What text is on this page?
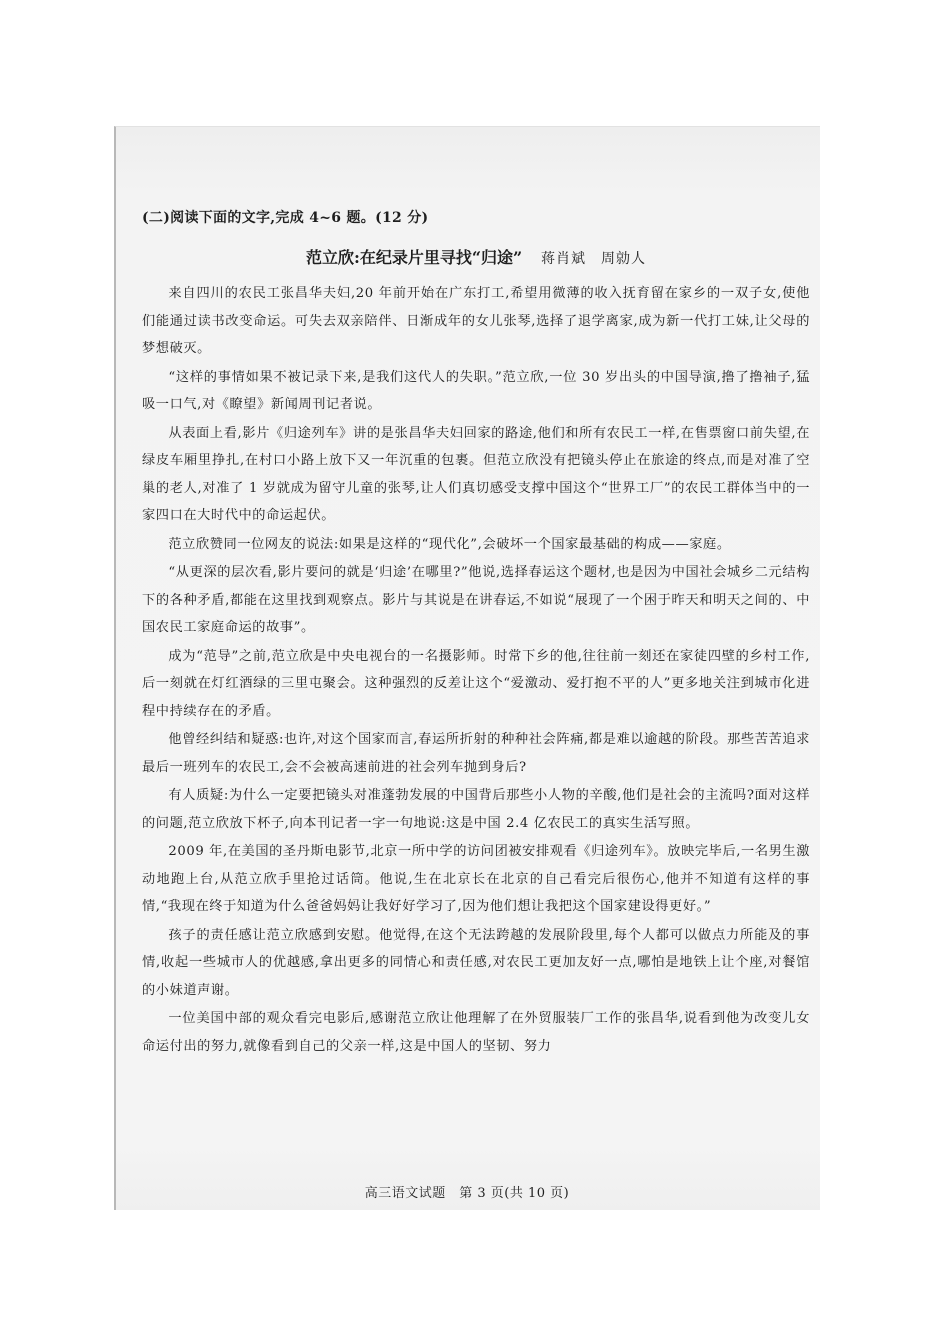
(二)阅读下面的文字,完成 4~6 题。(12 分)
范立欣:在纪录片里寻找“归途” 蒋肖斌　周勍人

来自四川的农民工张昌华夫妇,20 年前开始在广东打工,希望用微薄的收入抚育留在家乡的一双子女,使他们能通过读书改变命运。可失去双亲陪伴、日渐成年的女儿张琴,选择了退学离家,成为新一代打工妹,让父母的梦想破灭。

“这样的事情如果不被记录下来,是我们这代人的失职。”范立欣,一位 30 岁出头的中国导演,撸了撸袖子,猛吸一口气,对《瞭望》新闻周刊记者说。

从表面上看,影片《归途列车》讲的是张昌华夫妇回家的路途,他们和所有农民工一样,在售票窗口前失望,在绿皮车厢里挣扎,在村口小路上放下又一年沉重的包裹。但范立欣没有把镜头停止在旅途的终点,而是对准了空巢的老人,对准了 1 岁就成为留守儿童的张琴,让人们真切感受支撑中国这个“世界工厂”的农民工群体当中的一家四口在大时代中的命运起伏。

范立欣赞同一位网友的说法:如果是这样的“现代化”,会破坏一个国家最基础的构成——家庭。

“从更深的层次看,影片要问的就是‘归途’在哪里?”他说,选择春运这个题材,也是因为中国社会城乡二元结构下的各种矛盾,都能在这里找到观察点。影片与其说是在讲春运,不如说“展现了一个困于昨天和明天之间的、中国农民工家庭命运的故事”。

成为“范导”之前,范立欣是中央电视台的一名摄影师。时常下乡的他,往往前一刻还在家徒四壁的乡村工作,后一刻就在灯红酒绿的三里屯聚会。这种强烈的反差让这个“爱激动、爱打抱不平的人”更多地关注到城市化进程中持续存在的矛盾。

他曾经纠结和疑惑:也许,对这个国家而言,春运所折射的种种社会阵痛,都是难以逾越的阶段。那些苦苦追求最后一班列车的农民工,会不会被高速前进的社会列车抛到身后?

有人质疑:为什么一定要把镜头对准蓬勃发展的中国背后那些小人物的辛酸,他们是社会的主流吗?面对这样的问题,范立欣放下杯子,向本刊记者一字一句地说:这是中国 2.4 亿农民工的真实生活写照。

2009 年,在美国的圣丹斯电影节,北京一所中学的访问团被安排观看《归途列车》。放映完毕后,一名男生激动地跑上台,从范立欣手里抢过话筒。他说,生在北京长在北京的自己看完后很伤心,他并不知道有这样的事情,“我现在终于知道为什么爸爸妈妈让我好好学习了,因为他们想让我把这个国家建设得更好。”

孩子的责任感让范立欣感到安慰。他觉得,在这个无法跨越的发展阶段里,每个人都可以做点力所能及的事情,收起一些城市人的优越感,拿出更多的同情心和责任感,对农民工更加友好一点,哪怕是地铁上让个座,对餐馆的小妹道声谢。

一位美国中部的观众看完电影后,感谢范立欣让他理解了在外贸服装厂工作的张昌华,说看到他为改变儿女命运付出的努力,就像看到自己的父亲一样,这是中国人的坚韧、努力

高三语文试题　第 3 页(共 10 页)
